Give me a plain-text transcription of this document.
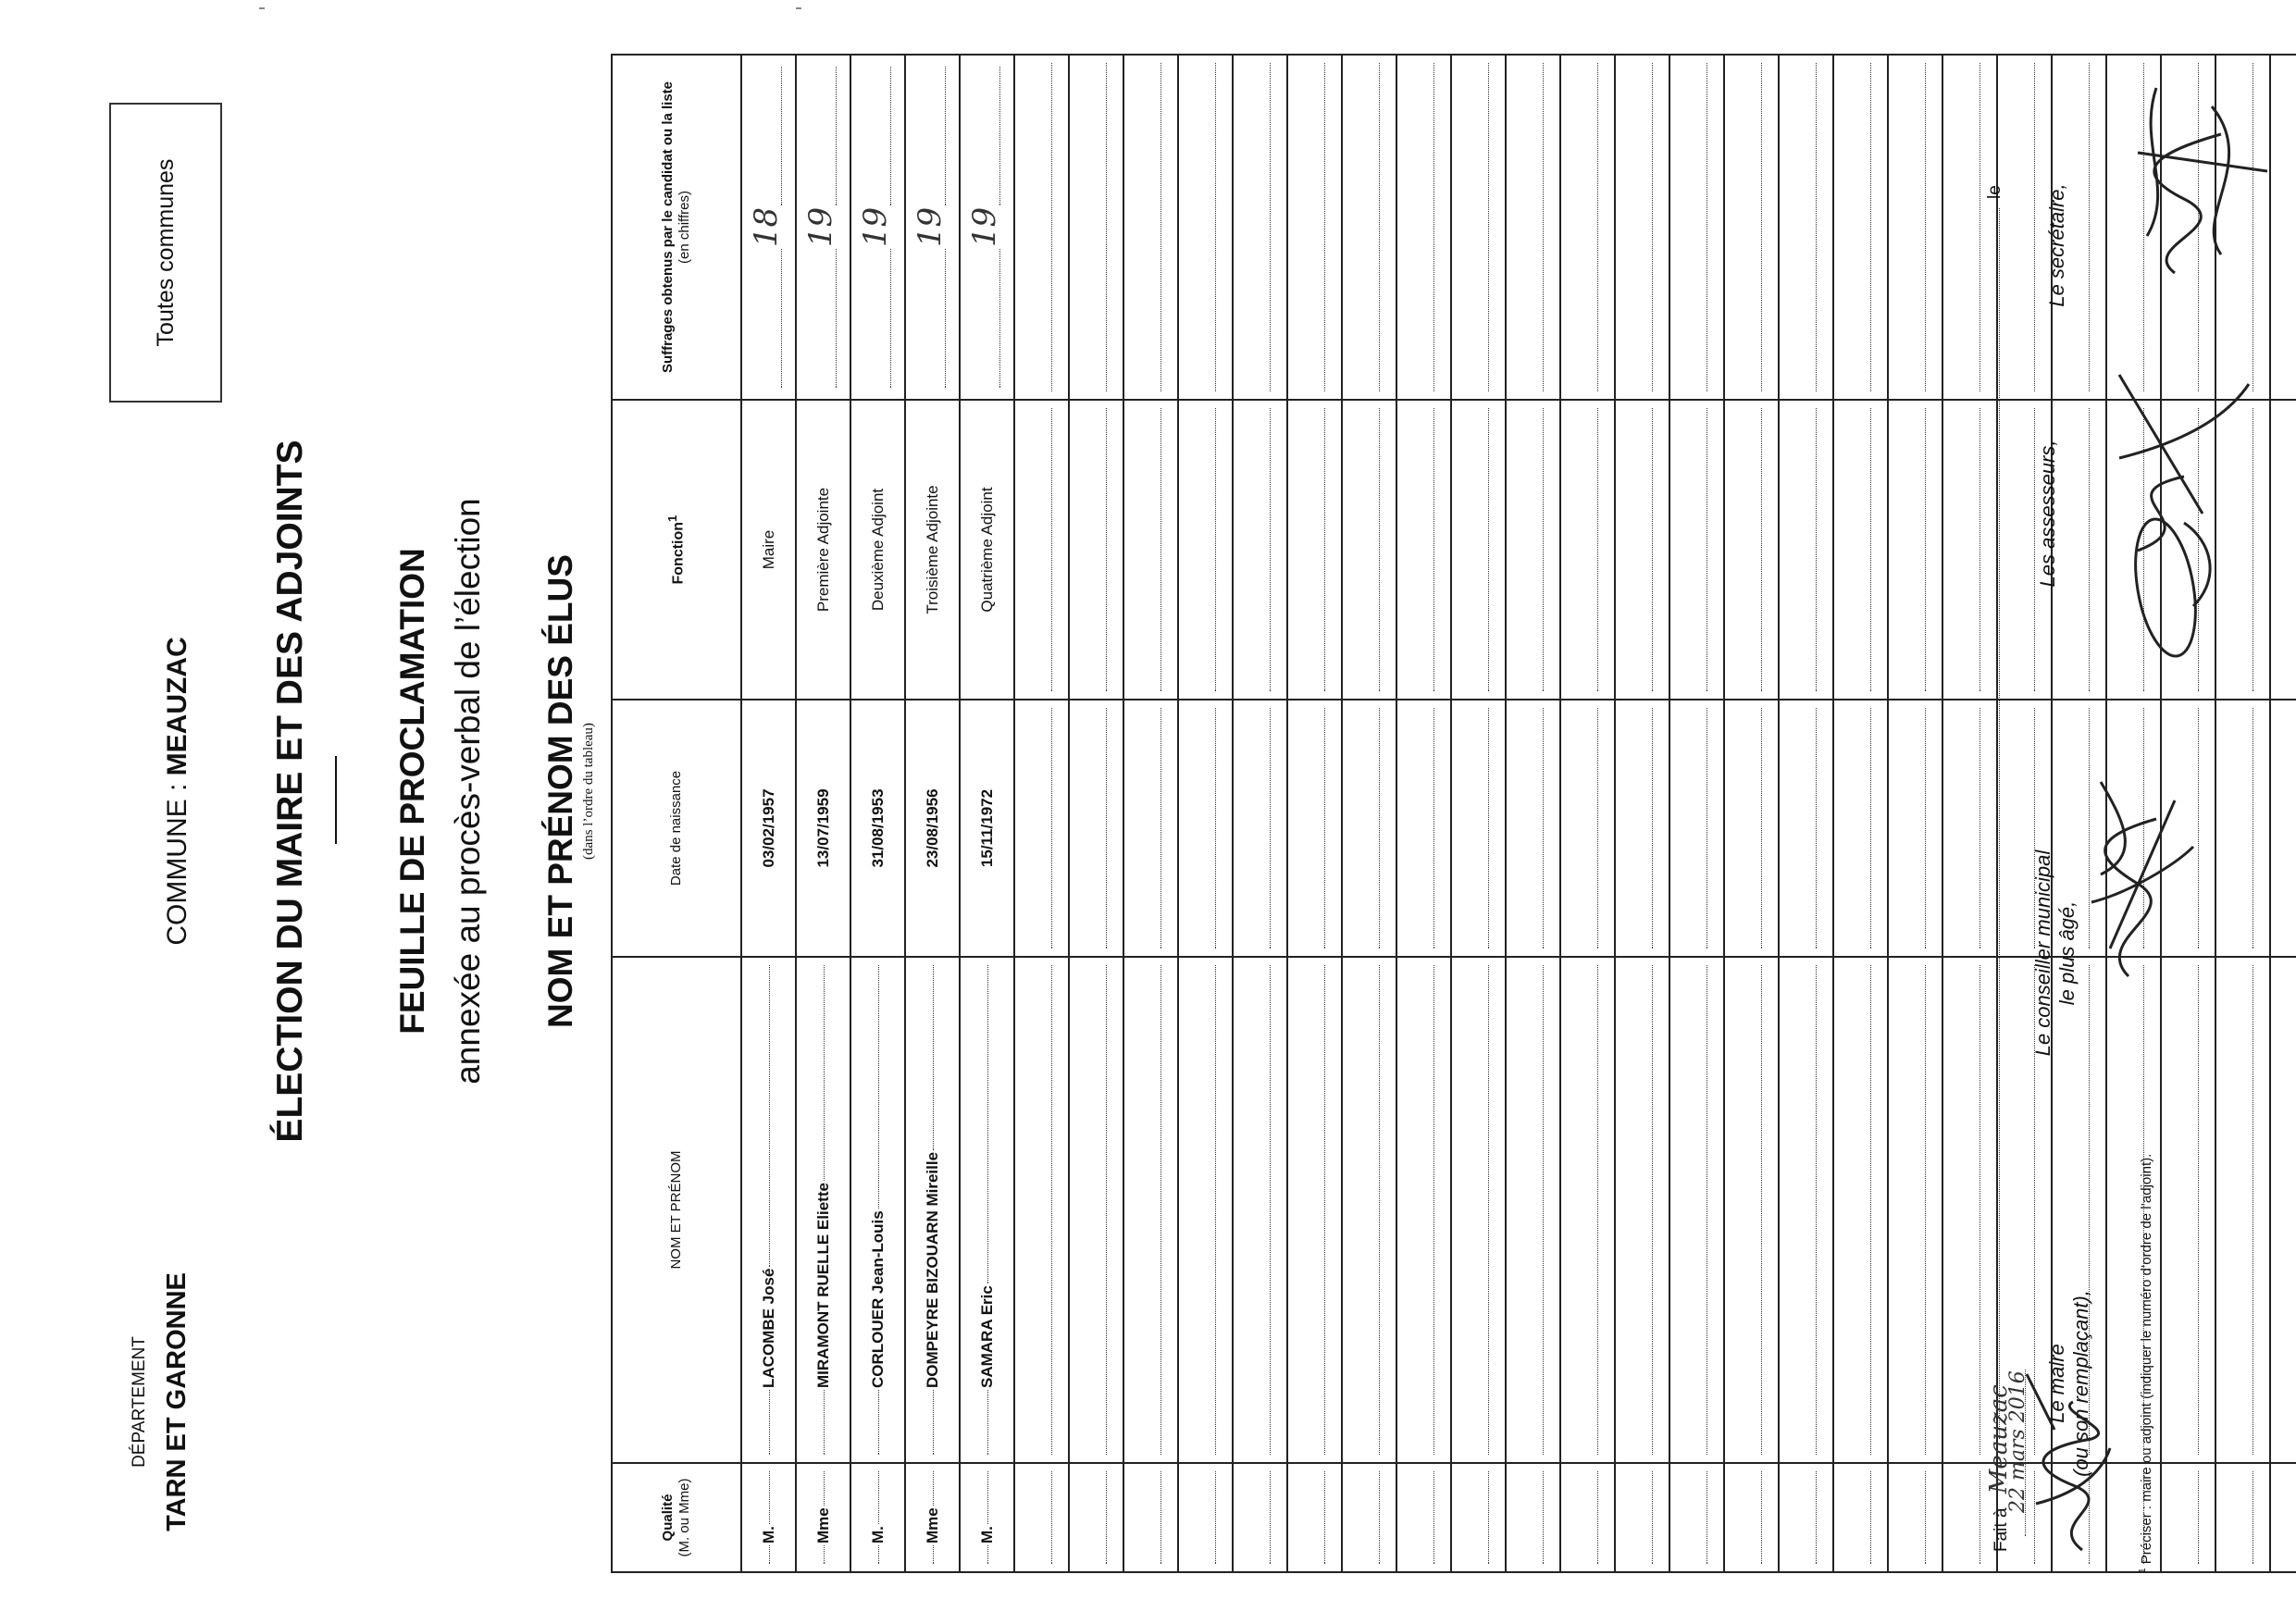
Toutes communes
DÉPARTEMENT TARN ET GARONNE
COMMUNE : MEAUZAC ÉLECTION DU MAIRE ET DES ADJOINTS FEUILLE DE PROCLAMATION annexée au procès-verbal de l’élection NOM ET PRÉNOM DES ÉLUS (dans l’ordre du tableau)
Qualité
(M. ou Mme)	NOM ET PRÉNOM	Date de naissance	Fonction$^1$	Suffrages obtenus par le candidat ou la liste
(en chiffres)

M.	LACOMBE José	03/02/1957	Maire	18

Mme	MIRAMONT RUELLE Eliette	13/07/1959	Première Adjointe	19

M.	CORLOUER Jean-Louis	31/08/1953	Deuxième Adjoint	19

Mme	DOMPEYRE BIZOUARN Mireille	23/08/1956	Troisième Adjointe	19

M.	SAMARA Eric	15/11/1972	Quatrième Adjoint	19

Fait à Meauzac
le
22 mars 2016 Le maire
(ou son remplaçant),
Le conseiller municipal
le plus âgé,
Les assesseurs,
Le secrétaire,
$^1$ Préciser : maire ou adjoint (indiquer le numéro d’ordre de l’adjoint).
